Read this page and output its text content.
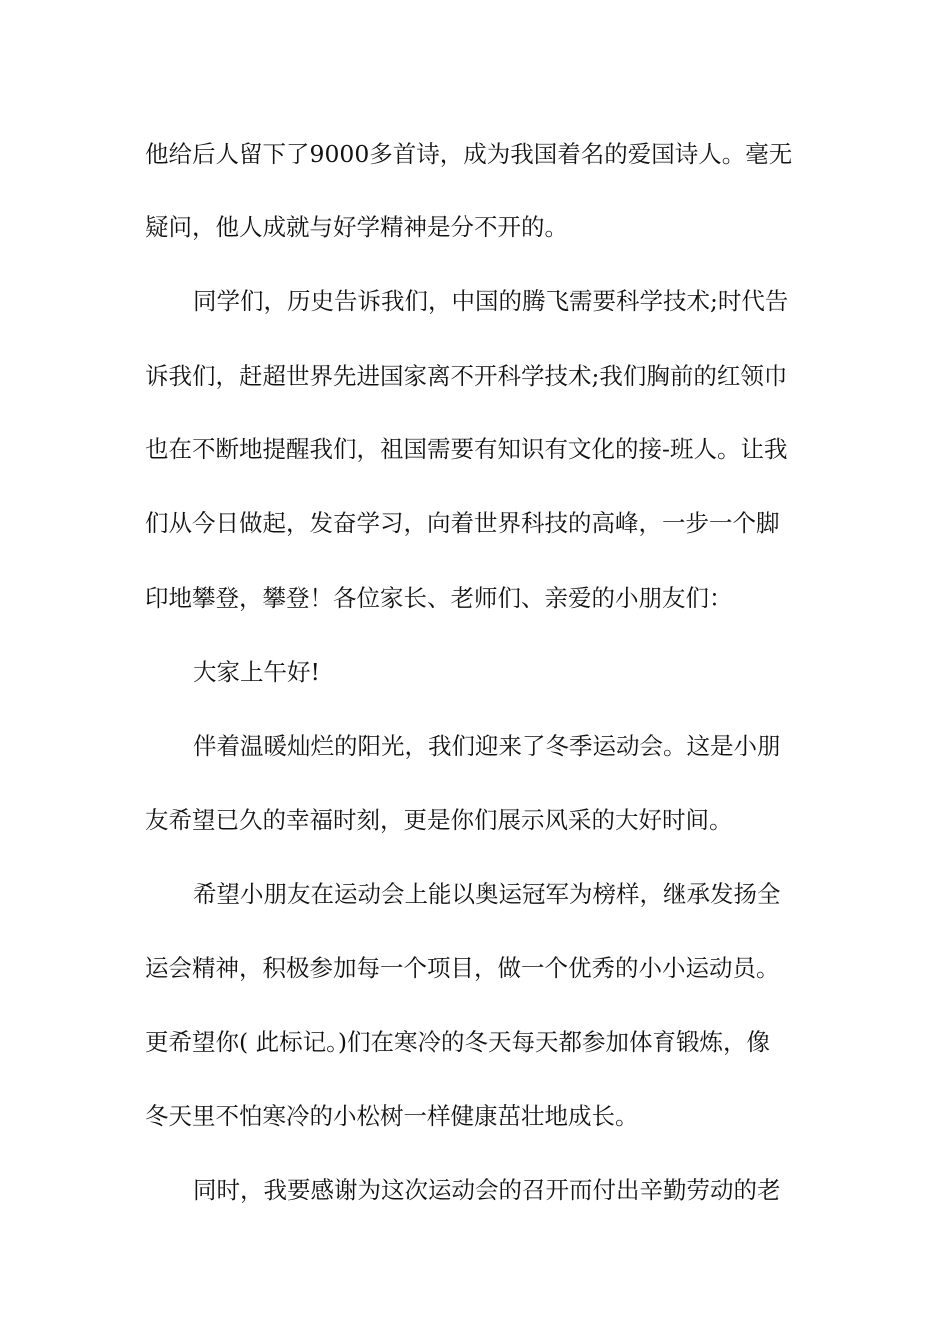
他给后人留下了9000多首诗，成为我国着名的爱国诗人。毫无
疑问，他人成就与好学精神是分不开的。
同学们，历史告诉我们，中国的腾飞需要科学技术;时代告
诉我们，赶超世界先进国家离不开科学技术;我们胸前的红领巾
也在不断地提醒我们，祖国需要有知识有文化的接-班人。让我
们从今日做起，发奋学习，向着世界科技的高峰，一步一个脚
印地攀登，攀登！各位家长、老师们、亲爱的小朋友们：
大家上午好!
伴着温暖灿烂的阳光，我们迎来了冬季运动会。这是小朋
友希望已久的幸福时刻，更是你们展示风采的大好时间。
希望小朋友在运动会上能以奥运冠军为榜样，继承发扬全
运会精神，积极参加每一个项目，做一个优秀的小小运动员。
更希望你( 此标记。)们在寒冷的冬天每天都参加体育锻炼，像
冬天里不怕寒冷的小松树一样健康茁壮地成长。
同时，我要感谢为这次运动会的召开而付出辛勤劳动的老
